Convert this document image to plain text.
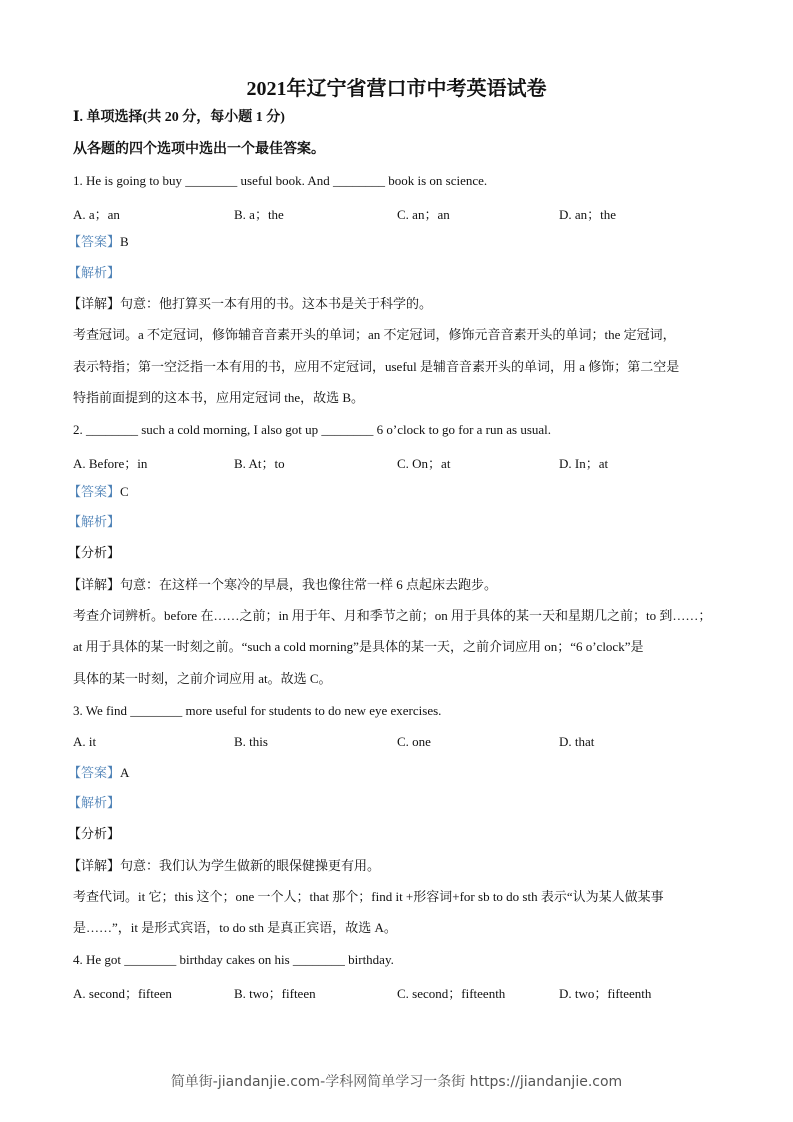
2021年辽宁省营口市中考英语试卷
Ⅰ. 单项选择(共 20 分，每小题 1 分)
从各题的四个选项中选出一个最佳答案。
1. He is going to buy ________ useful book. And ________ book is on science.
A. a；an	B. a；the	C. an；an	D. an；the
【答案】B
【解析】
【详解】句意：他打算买一本有用的书。这本书是关于科学的。
考查冠词。a 不定冠词，修饰辅音音素开头的单词；an 不定冠词，修饰元音音素开头的单词；the 定冠词，
表示特指；第一空泛指一本有用的书，应用不定冠词，useful 是辅音音素开头的单词，用 a 修饰；第二空是
特指前面提到的这本书，应用定冠词 the，故选 B。
2. ________ such a cold morning, I also got up ________ 6 o’clock to go for a run as usual.
A. Before；in	B. At；to	C. On；at	D. In；at
【答案】C
【解析】
【分析】
【详解】句意：在这样一个寒冷的早晨，我也像往常一样 6 点起床去跑步。
考查介词辨析。before 在……之前；in 用于年、月和季节之前；on 用于具体的某一天和星期几之前；to 到……；
at 用于具体的某一时刻之前。“such a cold morning”是具体的某一天，之前介词应用 on；“6 o’clock”是
具体的某一时刻，之前介词应用 at。故选 C。
3. We find ________ more useful for students to do new eye exercises.
A. it	B. this	C. one	D. that
【答案】A
【解析】
【分析】
【详解】句意：我们认为学生做新的眼保健操更有用。
考查代词。it 它；this 这个；one 一个人；that 那个；find it +形容词+for sb to do sth 表示“认为某人做某事
是……”，it 是形式宾语，to do sth 是真正宾语，故选 A。
4. He got ________ birthday cakes on his ________ birthday.
A. second；fifteen	B. two；fifteen	C. second；fifteenth	D. two；fifteenth
简单街-jiandanjie.com-学科网简单学习一条街 https://jiandanjie.com
